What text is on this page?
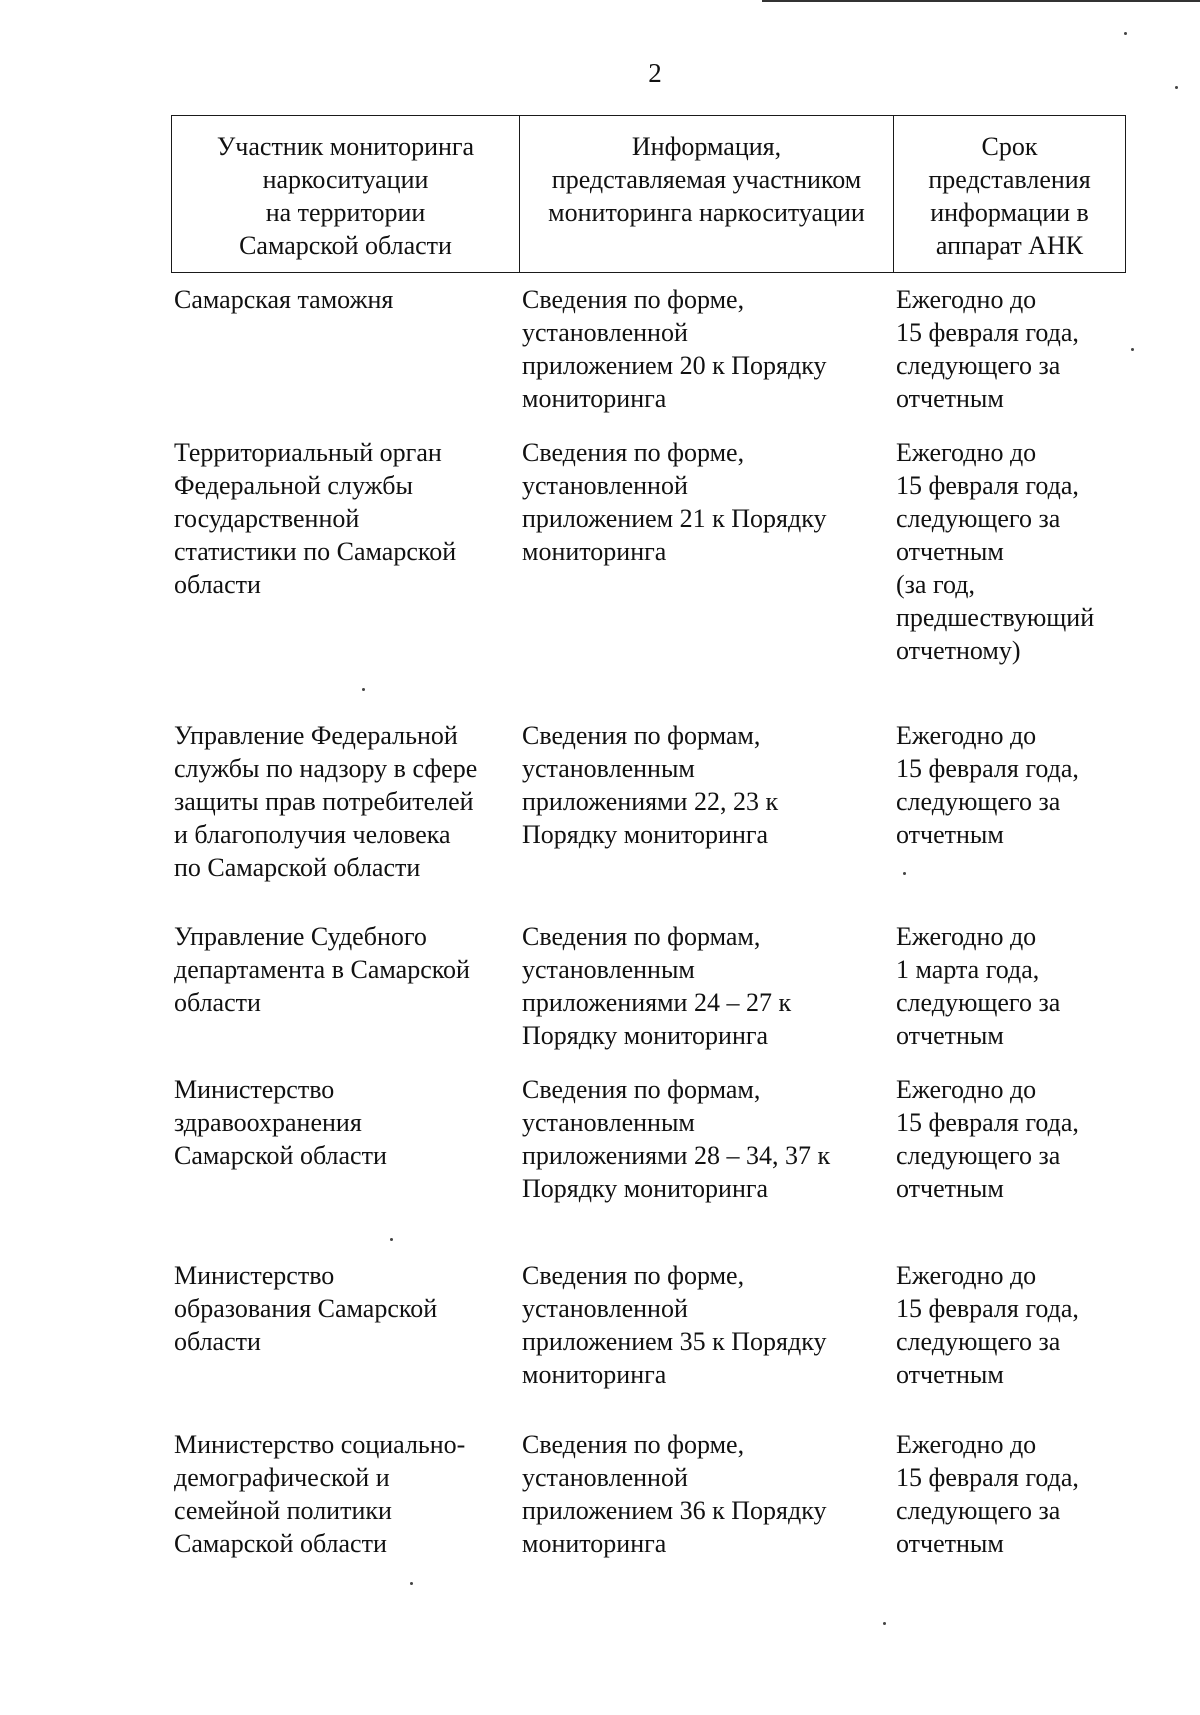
2
Участник мониторинга
наркоситуации
на территории
Самарской области
Информация,
представляемая участником
мониторинга наркоситуации
Срок
представления
информации в
аппарат АНК
Самарская таможня	Сведения по форме,
установленной
приложением 20 к Порядку
мониторинга
Ежегодно до
15 февраля года,
следующего за
отчетным
Территориальный орган
Федеральной службы
государственной
статистики по Самарской
области
Сведения по форме,
установленной
приложением 21 к Порядку
мониторинга
Ежегодно до
15 февраля года,
следующего за
отчетным
(за год,
предшествующий
отчетному)
Управление Федеральной
службы по надзору в сфере
защиты прав потребителей
и благополучия человека
по Самарской области
Сведения по формам,
установленным
приложениями 22, 23 к
Порядку мониторинга
Ежегодно до
15 февраля года,
следующего за
отчетным
Управление Судебного
департамента в Самарской
области
Сведения по формам,
установленным
приложениями 24 – 27 к
Порядку мониторинга
Ежегодно до
1 марта года,
следующего за
отчетным
Министерство
здравоохранения
Самарской области
Сведения по формам,
установленным
приложениями 28 – 34, 37 к
Порядку мониторинга
Ежегодно до
15 февраля года,
следующего за
отчетным
Министерство
образования Самарской
области
Сведения по форме,
установленной
приложением 35 к Порядку
мониторинга
Ежегодно до
15 февраля года,
следующего за
отчетным
Министерство социально-
демографической и
семейной политики
Самарской области
Сведения по форме,
установленной
приложением 36 к Порядку
мониторинга
Ежегодно до
15 февраля года,
следующего за
отчетным
